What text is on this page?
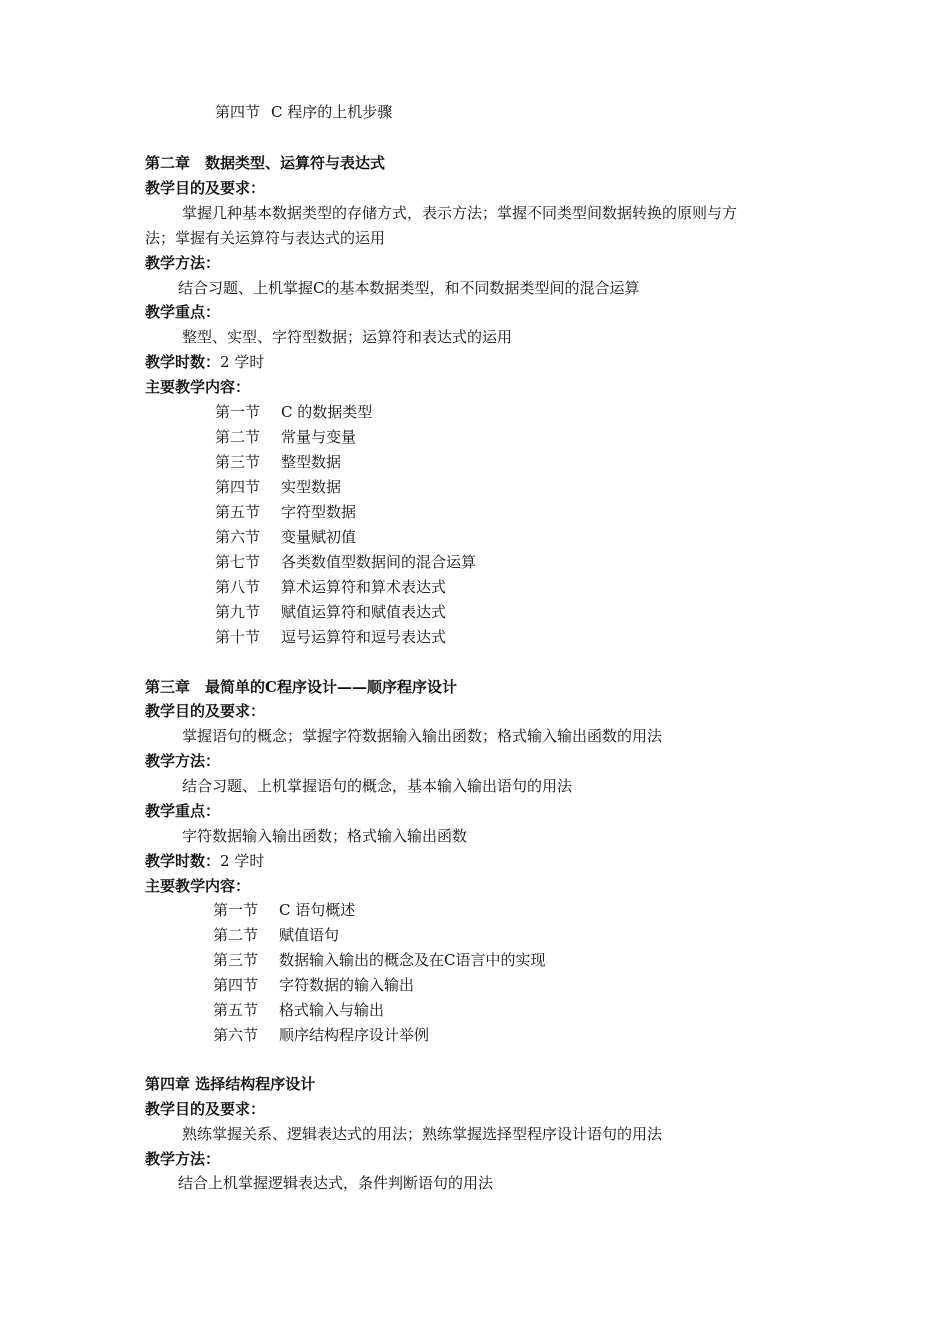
第四节 C 程序的上机步骤
第二章　数据类型、运算符与表达式
教学目的及要求：
掌握几种基本数据类型的存储方式，表示方法；掌握不同类型间数据转换的原则与方
法；掌握有关运算符与表达式的运用
教学方法：
结合习题、上机掌握C的基本数据类型，和不同数据类型间的混合运算
教学重点：
整型、实型、字符型数据；运算符和表达式的运用
教学时数：2 学时
主要教学内容：
第一节 C 的数据类型
第二节 常量与变量
第三节 整型数据
第四节 实型数据
第五节 字符型数据
第六节 变量赋初值
第七节 各类数值型数据间的混合运算
第八节 算术运算符和算术表达式
第九节 赋值运算符和赋值表达式
第十节 逗号运算符和逗号表达式
第三章　最简单的C程序设计——顺序程序设计
教学目的及要求：
掌握语句的概念；掌握字符数据输入输出函数；格式输入输出函数的用法
教学方法：
结合习题、上机掌握语句的概念，基本输入输出语句的用法
教学重点：
字符数据输入输出函数；格式输入输出函数
教学时数：2 学时
主要教学内容：
第一节 C 语句概述
第二节 赋值语句
第三节 数据输入输出的概念及在C语言中的实现
第四节 字符数据的输入输出
第五节 格式输入与输出
第六节 顺序结构程序设计举例
第四章 选择结构程序设计
教学目的及要求：
熟练掌握关系、逻辑表达式的用法；熟练掌握选择型程序设计语句的用法
教学方法：
结合上机掌握逻辑表达式，条件判断语句的用法
